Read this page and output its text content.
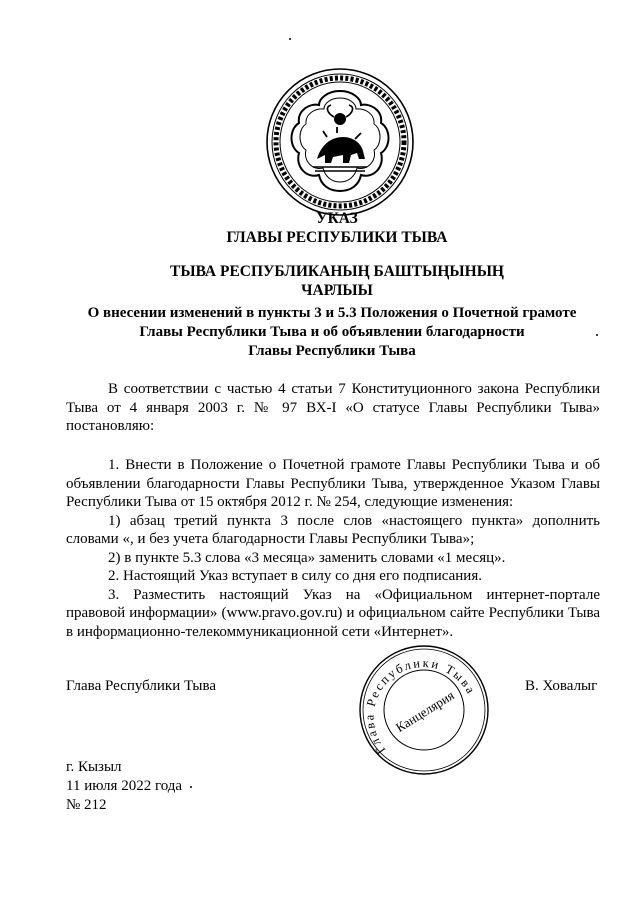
УКАЗ
ГЛАВЫ РЕСПУБЛИКИ ТЫВА
ТЫВА РЕСПУБЛИКАНЫҢ БАШТЫҢЫНЫҢ
ЧАРЛЫЫ
О внесении изменений в пункты 3 и 5.3 Положения о Почетной грамоте
Главы Республики Тыва и об объявлении благодарности
Главы Республики Тыва

В соответствии с частью 4 статьи 7 Конституционного закона Республики Тыва от 4 января 2003 г. № 97 ВХ-I «О статусе Главы Республики Тыва» постановляю:

1. Внести в Положение о Почетной грамоте Главы Республики Тыва и об объявлении благодарности Главы Республики Тыва, утвержденное Указом Главы Республики Тыва от 15 октября 2012 г. № 254, следующие изменения:

1) абзац третий пункта 3 после слов «настоящего пункта» дополнить словами «, и без учета благодарности Главы Республики Тыва»;

2) в пункте 5.3 слова «3 месяца» заменить словами «1 месяц».

2. Настоящий Указ вступает в силу со дня его подписания.

3. Разместить настоящий Указ на «Официальном интернет-портале правовой информации» (www.pravo.gov.ru) и официальном сайте Республики Тыва в информационно-телекоммуникационной сети «Интернет».

Глава Республики Тыва	В. Ховалыг
Глава Республики Тыва
Канцелярия
г. Кызыл
11 июля 2022 года
№ 212
